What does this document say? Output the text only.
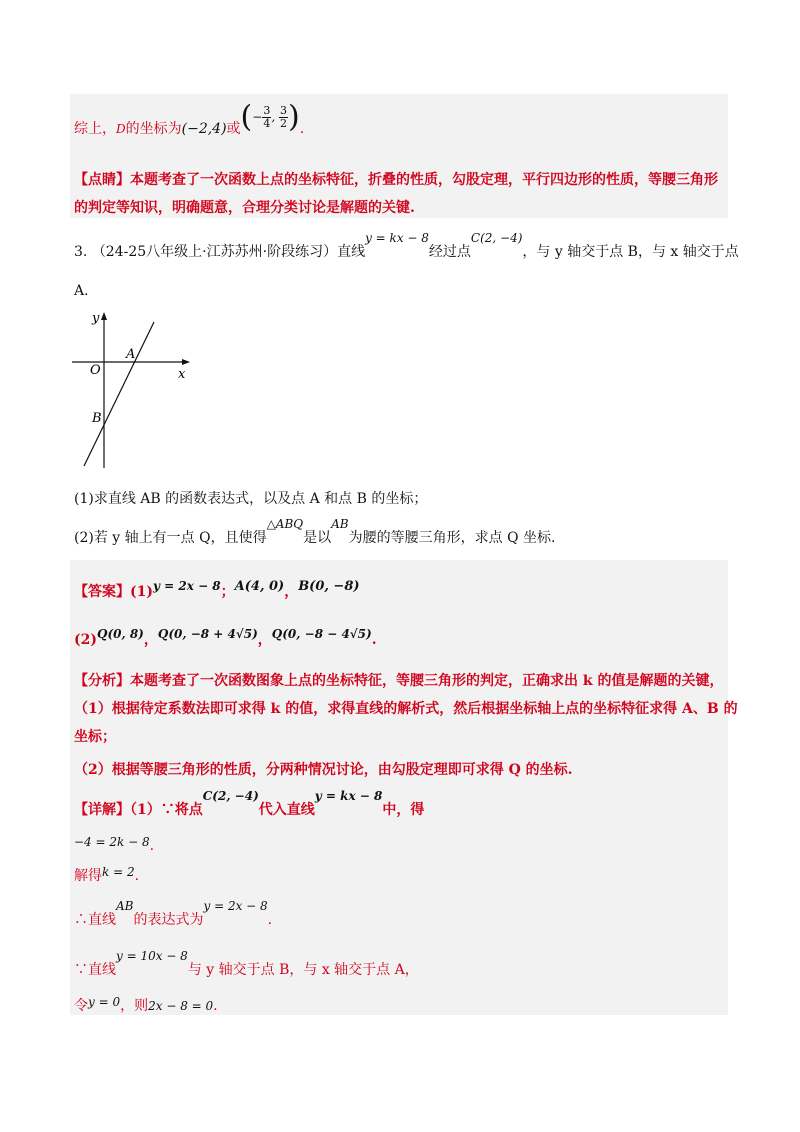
综上，D的坐标为(−2,4)或(− $\frac{3}{4}$ , $\frac{3}{2}$ ).
【点睛】本题考查了一次函数上点的坐标特征，折叠的性质，勾股定理，平行四边形的性质，等腰三角形
的判定等知识，明确题意，合理分类讨论是解题的关键.
3. （24-25八年级上·江苏苏州·阶段练习）直线y = kx − 8经过点C(2, −4)，与 y 轴交于点 B，与 x 轴交于点
A.
y
x
O
A
B
(1)求直线 AB 的函数表达式，以及点 A 和点 B 的坐标；
(2)若 y 轴上有一点 Q，且使得△ABQ是以AB为腰的等腰三角形，求点 Q 坐标.
【答案】(1)y = 2x − 8；A(4, 0)，B(0, −8)
(2)Q(0, 8)，Q(0, −8 + 4√5)，Q(0, −8 − 4√5).
【分析】本题考查了一次函数图象上点的坐标特征，等腰三角形的判定，正确求出 k 的值是解题的关键，
（1）根据待定系数法即可求得 k 的值，求得直线的解析式，然后根据坐标轴上点的坐标特征求得 A、B 的
坐标；
（2）根据等腰三角形的性质，分两种情况讨论，由勾股定理即可求得 Q 的坐标.
【详解】（1）∵将点C(2, −4)代入直线y = kx − 8中，得
−4 = 2k − 8.
解得k = 2.
∴直线AB的表达式为y = 2x − 8.
∵直线y = 10x − 8与 y 轴交于点 B，与 x 轴交于点 A，
令y = 0，则2x − 8 = 0.
